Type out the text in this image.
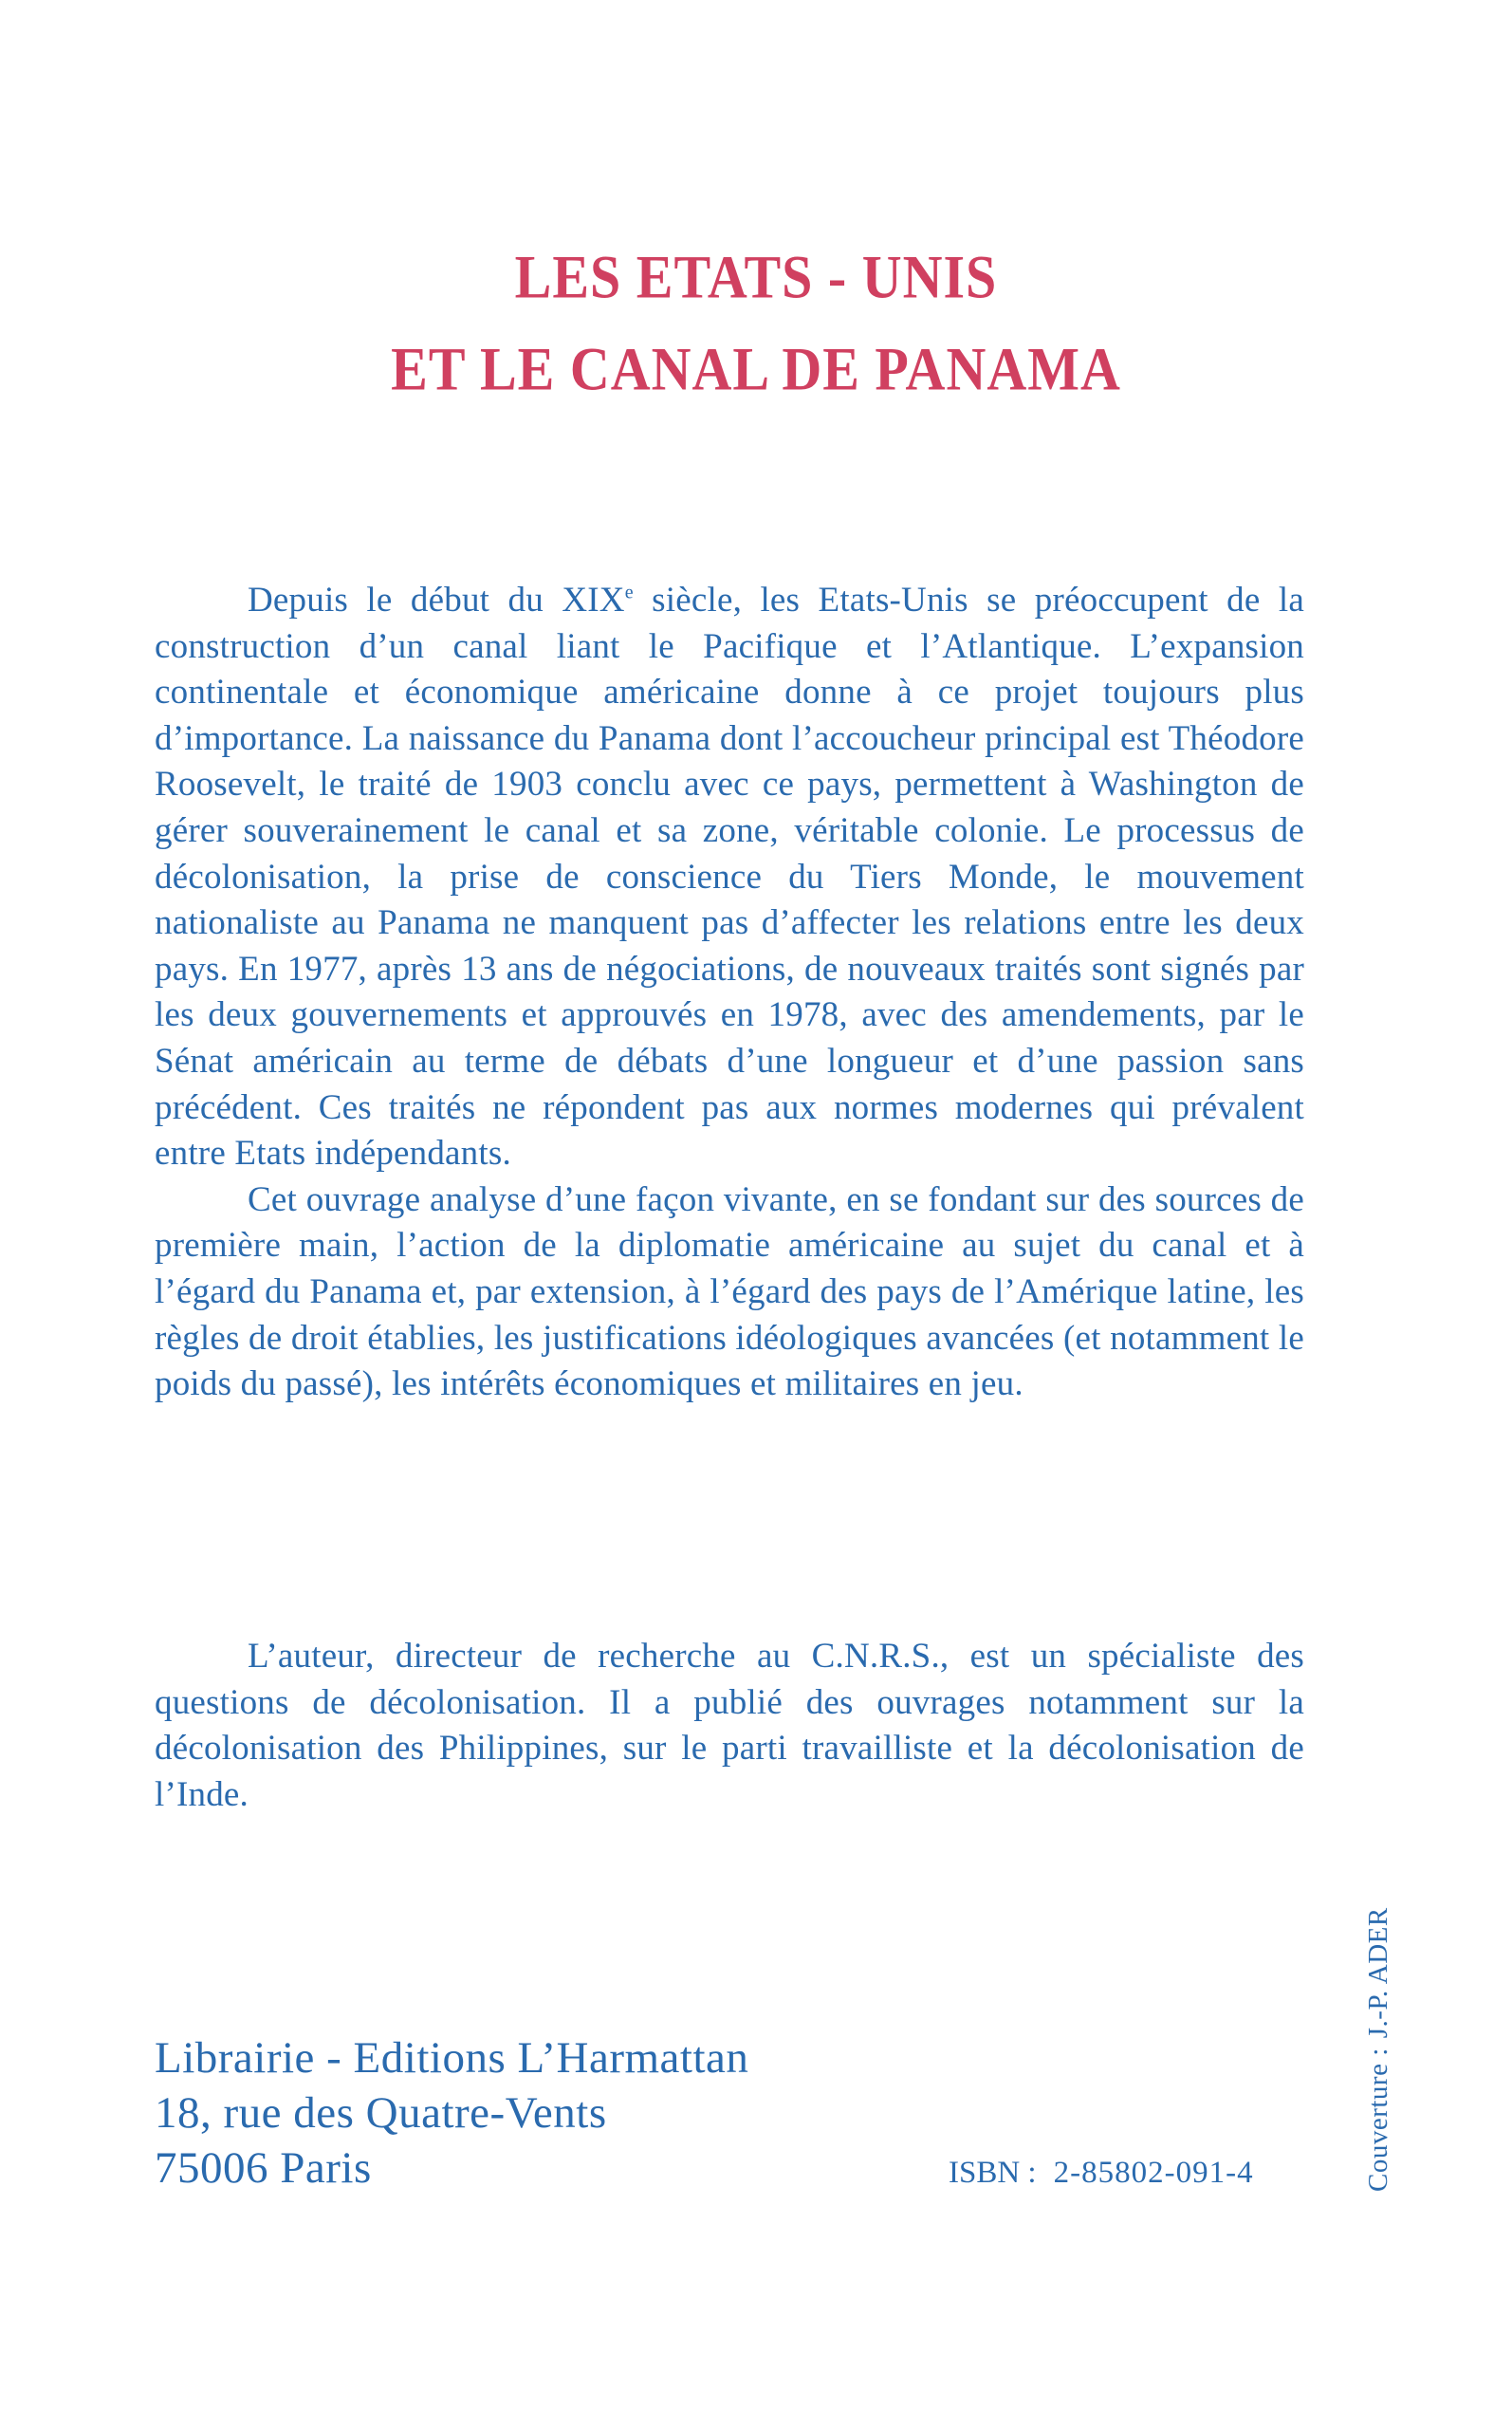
LES ETATS - UNIS
ET LE CANAL DE PANAMA

Depuis le début du XIXe siècle, les Etats-Unis se préoccupent de la construction d’un canal liant le Pacifique et l’Atlantique. L’expansion continentale et économique américaine donne à ce projet toujours plus d’importance. La naissance du Panama dont l’accoucheur principal est Théodore Roosevelt, le traité de 1903 conclu avec ce pays, permettent à Washington de gérer souverainement le canal et sa zone, véritable colonie. Le processus de décolonisation, la prise de conscience du Tiers Monde, le mouvement nationaliste au Panama ne manquent pas d’affecter les relations entre les deux pays. En 1977, après 13 ans de négociations, de nouveaux traités sont signés par les deux gouvernements et approuvés en 1978, avec des amendements, par le Sénat américain au terme de débats d’une longueur et d’une passion sans précédent. Ces traités ne répondent pas aux normes modernes qui prévalent entre Etats indépendants.

Cet ouvrage analyse d’une façon vivante, en se fondant sur des sources de première main, l’action de la diplomatie américaine au sujet du canal et à l’égard du Panama et, par extension, à l’égard des pays de l’Amérique latine, les règles de droit établies, les justifications idéologiques avancées (et notamment le poids du passé), les intérêts économiques et militaires en jeu.

L’auteur, directeur de recherche au C.N.R.S., est un spécialiste des questions de décolonisation. Il a publié des ouvrages notamment sur la décolonisation des Philippines, sur le parti travailliste et la décolonisation de l’Inde.

Librairie - Editions L’Harmattan
18, rue des Quatre-Vents
75006 Paris	ISBN : 2-85802-091-4	Couverture :J.-P. ADER
